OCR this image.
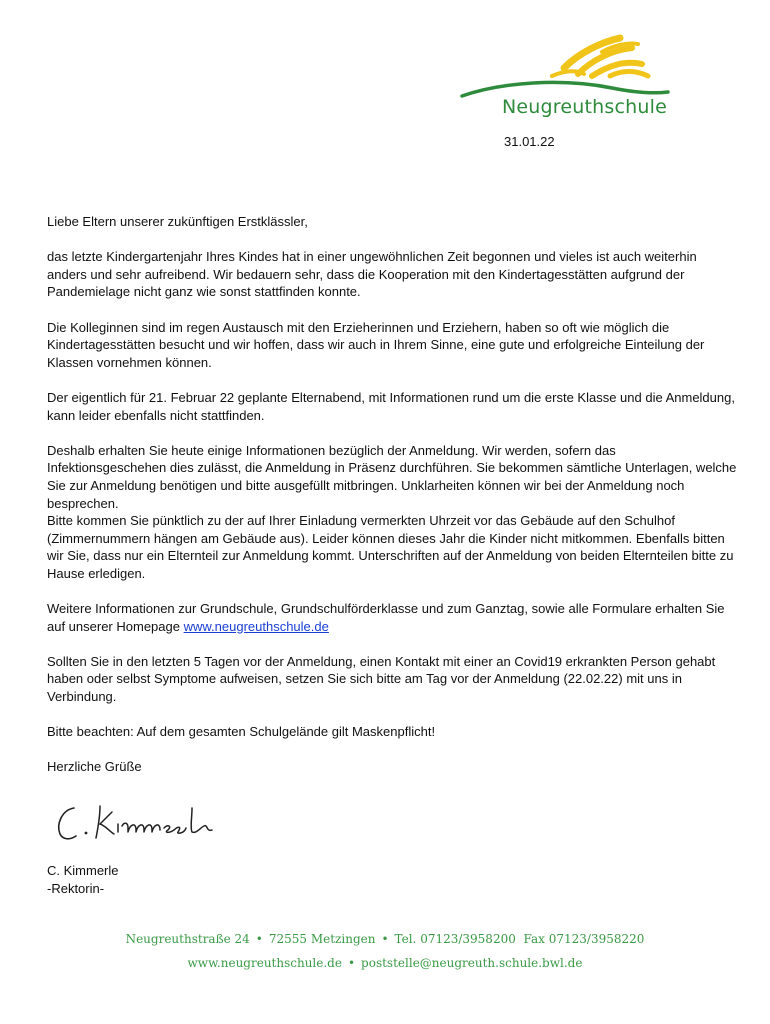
Neugreuthschule
31.01.22

Liebe Eltern unserer zukünftigen Erstklässler,

das letzte Kindergartenjahr Ihres Kindes hat in einer ungewöhnlichen Zeit begonnen und vieles ist auch weiterhin anders und sehr aufreibend. Wir bedauern sehr, dass die Kooperation mit den Kindertagesstätten aufgrund der Pandemielage nicht ganz wie sonst stattfinden konnte.

Die Kolleginnen sind im regen Austausch mit den Erzieherinnen und Erziehern, haben so oft wie möglich die Kindertagesstätten besucht und wir hoffen, dass wir auch in Ihrem Sinne, eine gute und erfolgreiche Einteilung der Klassen vornehmen können.

Der eigentlich für 21. Februar 22 geplante Elternabend, mit Informationen rund um die erste Klasse und die Anmeldung, kann leider ebenfalls nicht stattfinden.

Deshalb erhalten Sie heute einige Informationen bezüglich der Anmeldung. Wir werden, sofern das Infektionsgeschehen dies zulässt, die Anmeldung in Präsenz durchführen. Sie bekommen sämtliche Unterlagen, welche Sie zur Anmeldung benötigen und bitte ausgefüllt mitbringen. Unklarheiten können wir bei der Anmeldung noch besprechen.

Bitte kommen Sie pünktlich zu der auf Ihrer Einladung vermerkten Uhrzeit vor das Gebäude auf den Schulhof (Zimmernummern hängen am Gebäude aus). Leider können dieses Jahr die Kinder nicht mitkommen. Ebenfalls bitten wir Sie, dass nur ein Elternteil zur Anmeldung kommt. Unterschriften auf der Anmeldung von beiden Elternteilen bitte zu Hause erledigen.

Weitere Informationen zur Grundschule, Grundschulförderklasse und zum Ganztag, sowie alle Formulare erhalten Sie auf unserer Homepage www.neugreuthschule.de

Sollten Sie in den letzten 5 Tagen vor der Anmeldung, einen Kontakt mit einer an Covid19 erkrankten Person gehabt haben oder selbst Symptome aufweisen, setzen Sie sich bitte am Tag vor der Anmeldung (22.02.22) mit uns in Verbindung.

Bitte beachten: Auf dem gesamten Schulgelände gilt Maskenpflicht!

Herzliche Grüße

C. Kimmerle
-Rektorin-
Neugreuthstraße 24 • 72555 Metzingen • Tel. 07123/3958200 Fax 07123/3958220
www.neugreuthschule.de • poststelle@neugreuth.schule.bwl.de
